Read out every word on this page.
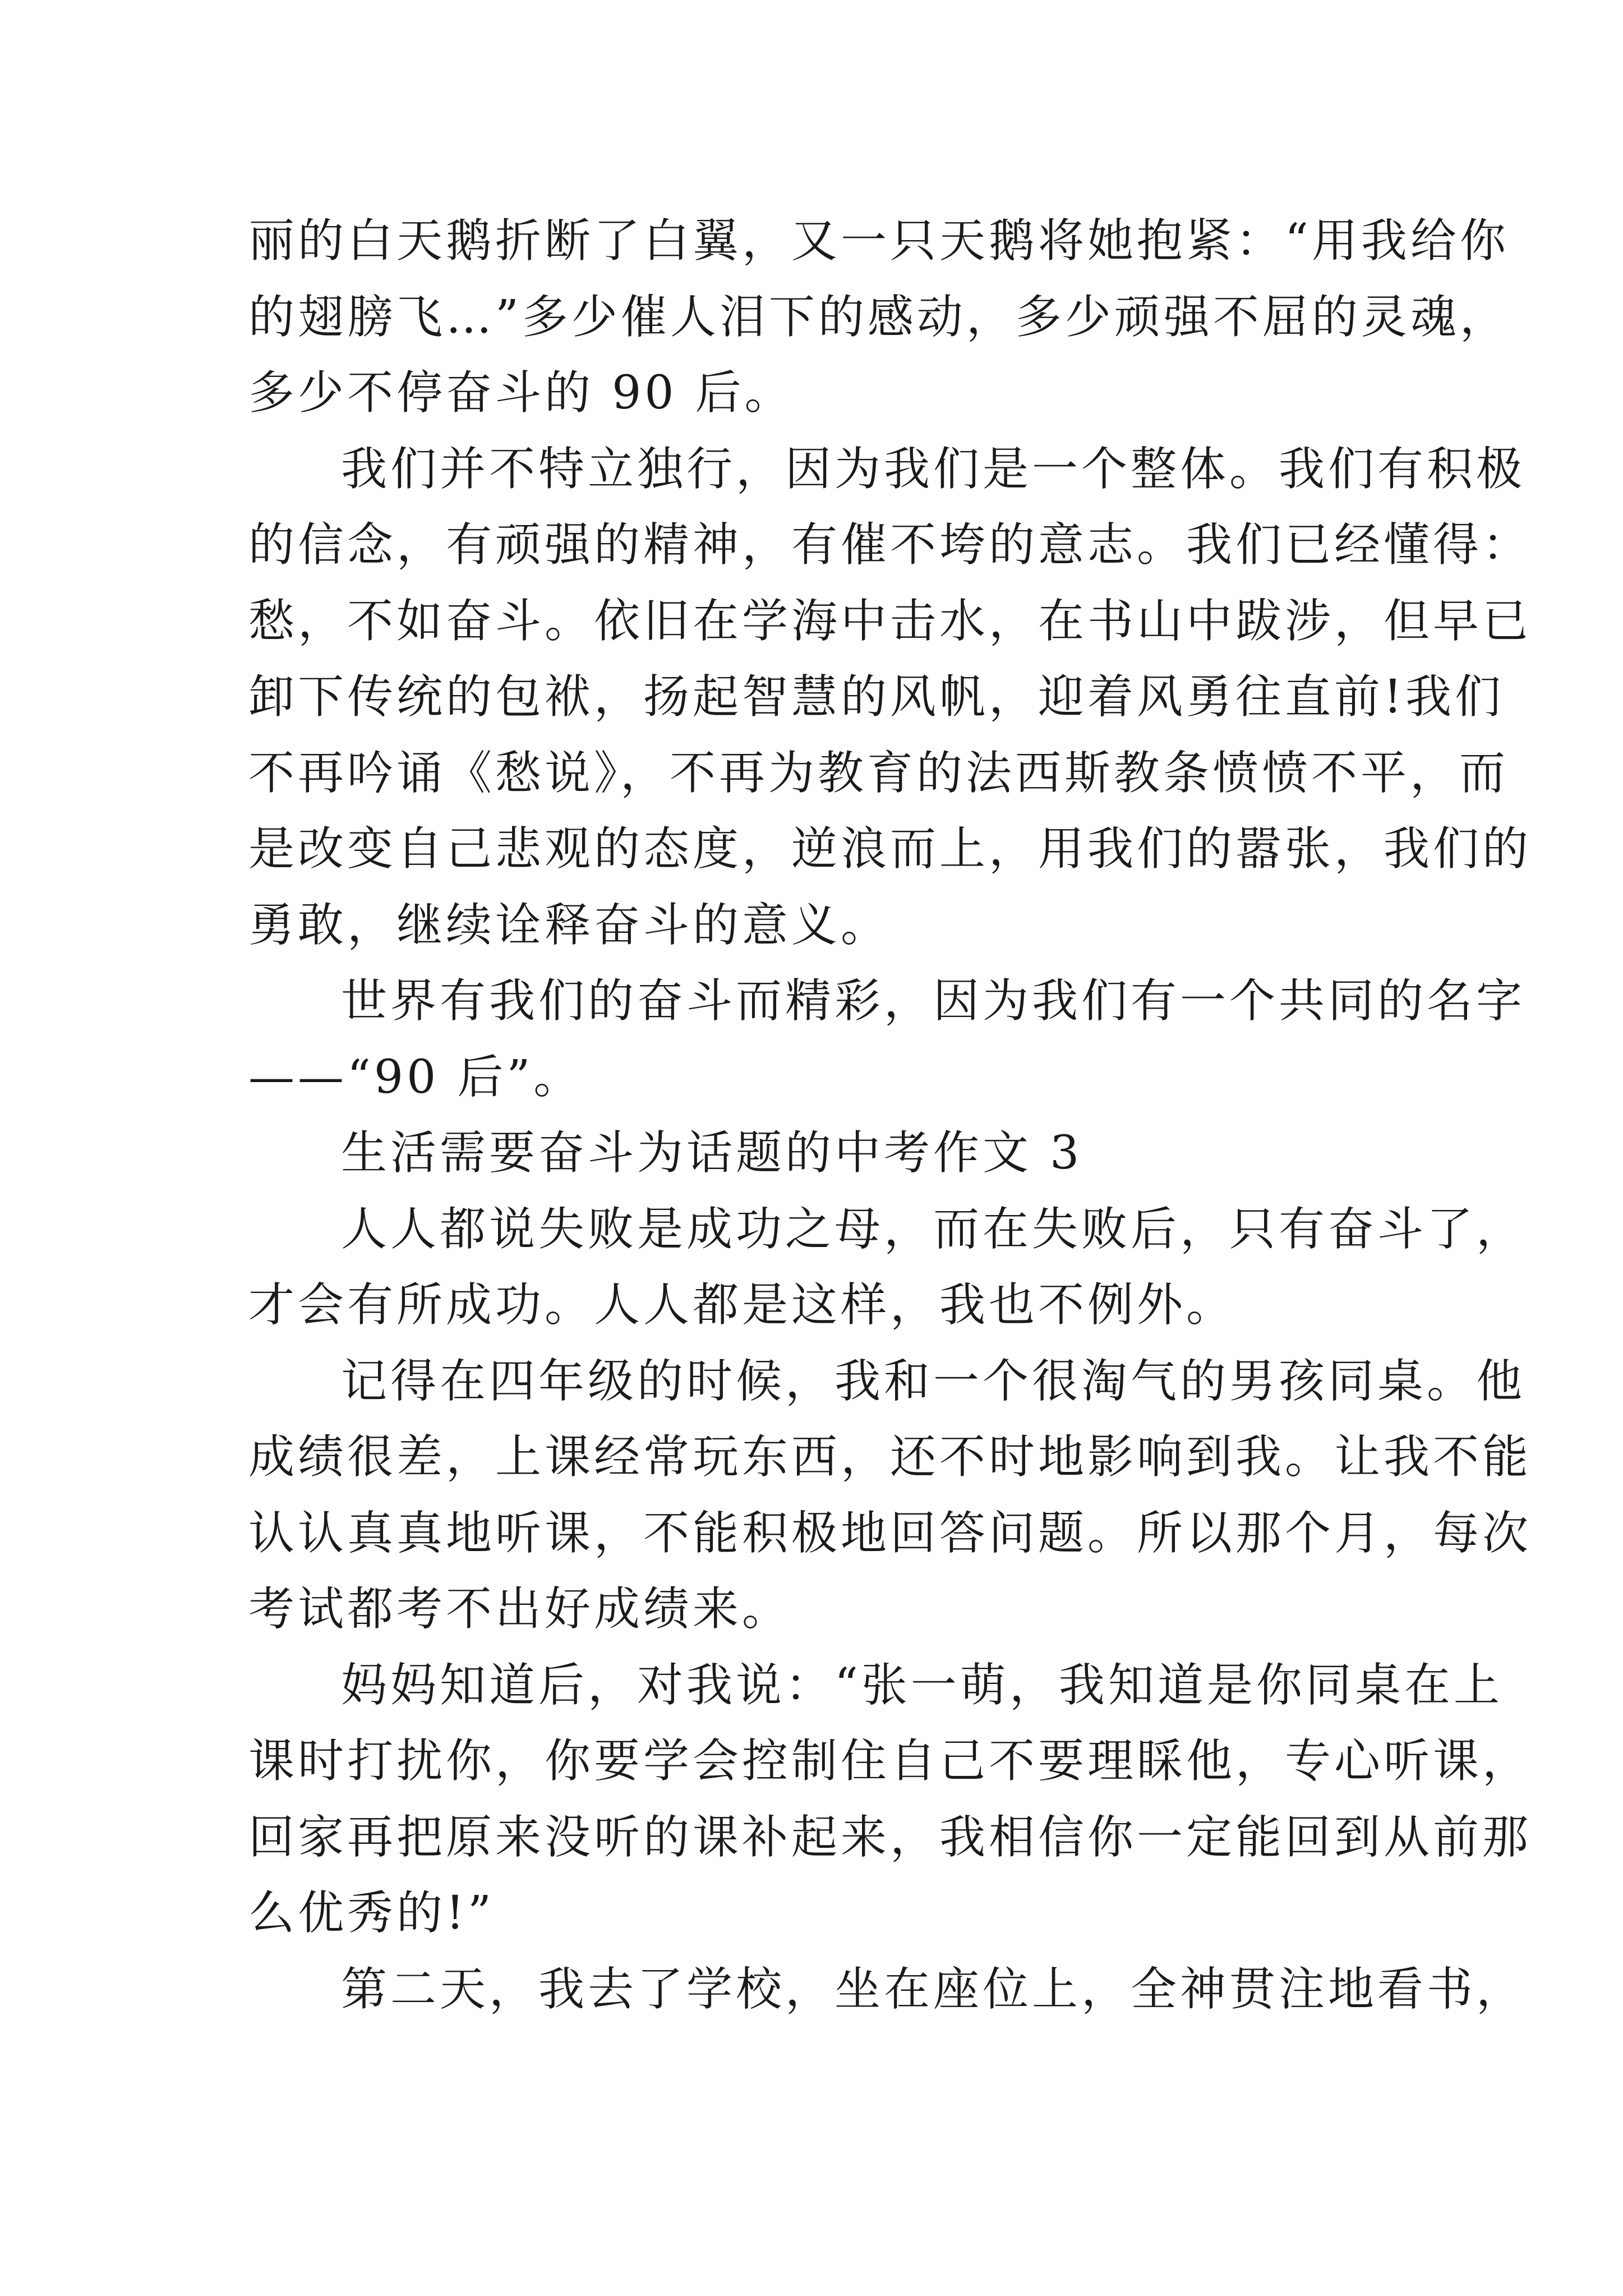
丽的白天鹅折断了白翼，又一只天鹅将她抱紧：“用我给你
的翅膀飞…”多少催人泪下的感动，多少顽强不屈的灵魂，
多少不停奋斗的 90 后。
我们并不特立独行，因为我们是一个整体。我们有积极
的信念，有顽强的精神，有催不垮的意志。我们已经懂得：
愁，不如奋斗。依旧在学海中击水，在书山中跋涉，但早已
卸下传统的包袱，扬起智慧的风帆，迎着风勇往直前!我们
不再吟诵《愁说》，不再为教育的法西斯教条愤愤不平，而
是改变自己悲观的态度，逆浪而上，用我们的嚣张，我们的
勇敢，继续诠释奋斗的意义。
世界有我们的奋斗而精彩，因为我们有一个共同的名字
——“90 后”。
生活需要奋斗为话题的中考作文 3
人人都说失败是成功之母，而在失败后，只有奋斗了，
才会有所成功。人人都是这样，我也不例外。
记得在四年级的时候，我和一个很淘气的男孩同桌。他
成绩很差，上课经常玩东西，还不时地影响到我。让我不能
认认真真地听课，不能积极地回答问题。所以那个月，每次
考试都考不出好成绩来。
妈妈知道后，对我说：“张一萌，我知道是你同桌在上
课时打扰你，你要学会控制住自己不要理睬他，专心听课，
回家再把原来没听的课补起来，我相信你一定能回到从前那
么优秀的!”
第二天，我去了学校，坐在座位上，全神贯注地看书，
